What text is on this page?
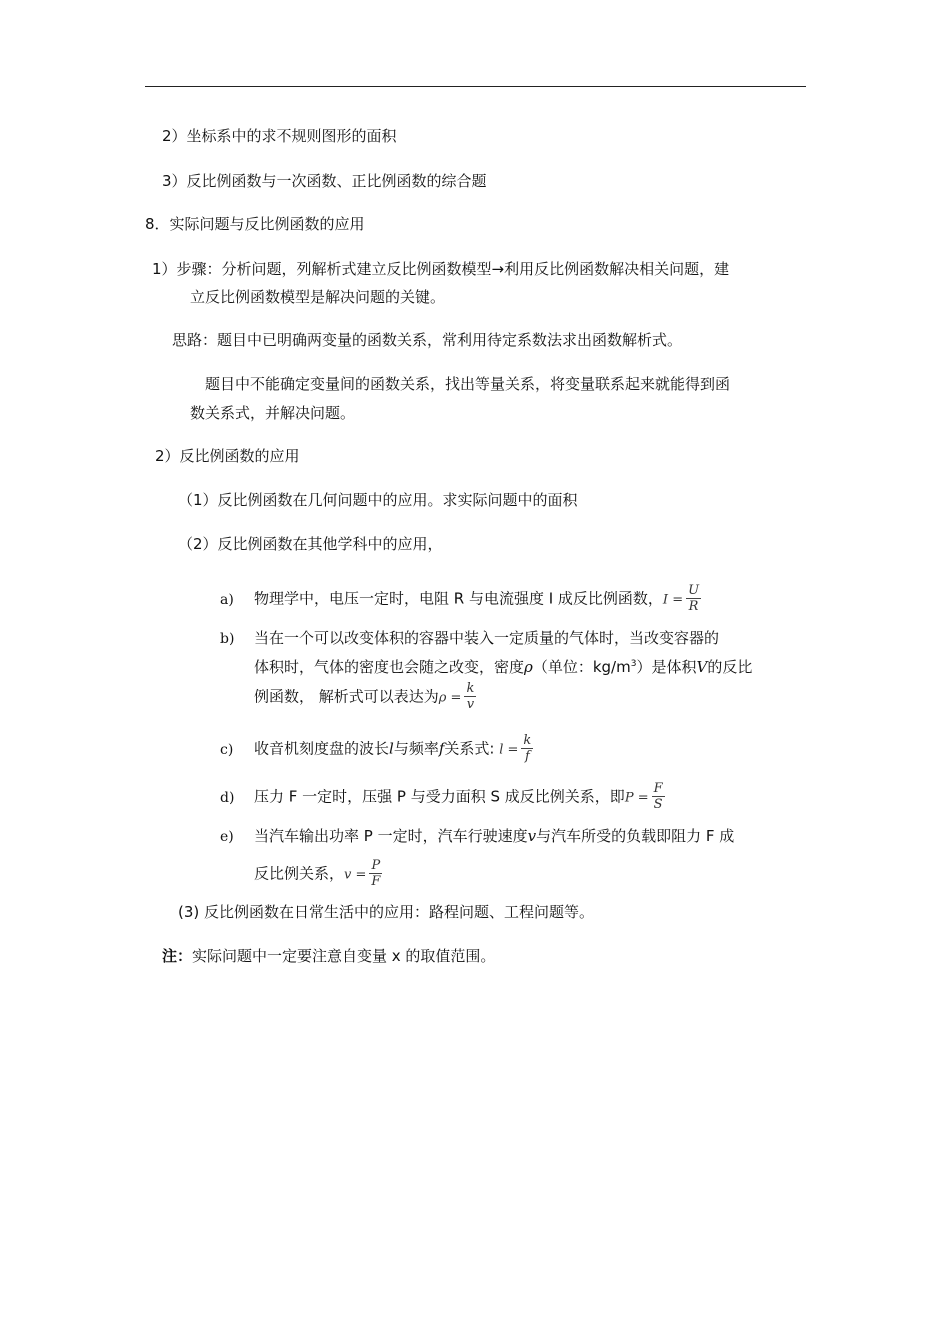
2）坐标系中的求不规则图形的面积
3）反比例函数与一次函数、正比例函数的综合题
8．实际问题与反比例函数的应用
1）步骤：分析问题，列解析式建立反比例函数模型→利用反比例函数解决相关问题，建
立反比例函数模型是解决问题的关键。
思路：题目中已明确两变量的函数关系，常利用待定系数法求出函数解析式。
题目中不能确定变量间的函数关系，找出等量关系，将变量联系起来就能得到函
数关系式，并解决问题。
2）反比例函数的应用
（1）反比例函数在几何问题中的应用。求实际问题中的面积
（2）反比例函数在其他学科中的应用，
a) 物理学中，电压一定时，电阻 R 与电流强度 I 成反比例函数，$I = \frac{U}{R}$
b) 当在一个可以改变体积的容器中装入一定质量的气体时，当改变容器的
体积时，气体的密度也会随之改变，密度ρ（单位：$kg/m^3$）是体积V的反比
例函数， 解析式可以表达为$\rho = \frac{k}{v}$
c) 收音机刻度盘的波长l与频率f关系式: $l = \frac{k}{f}$
d) 压力 F 一定时，压强 P 与受力面积 S 成反比例关系，即$P = \frac{F}{S}$
e) 当汽车输出功率 P 一定时，汽车行驶速度v与汽车所受的负载即阻力 F 成
反比例关系，$v = \frac{P}{F}$
(3) 反比例函数在日常生活中的应用：路程问题、工程问题等。
注：实际问题中一定要注意自变量 x 的取值范围。
